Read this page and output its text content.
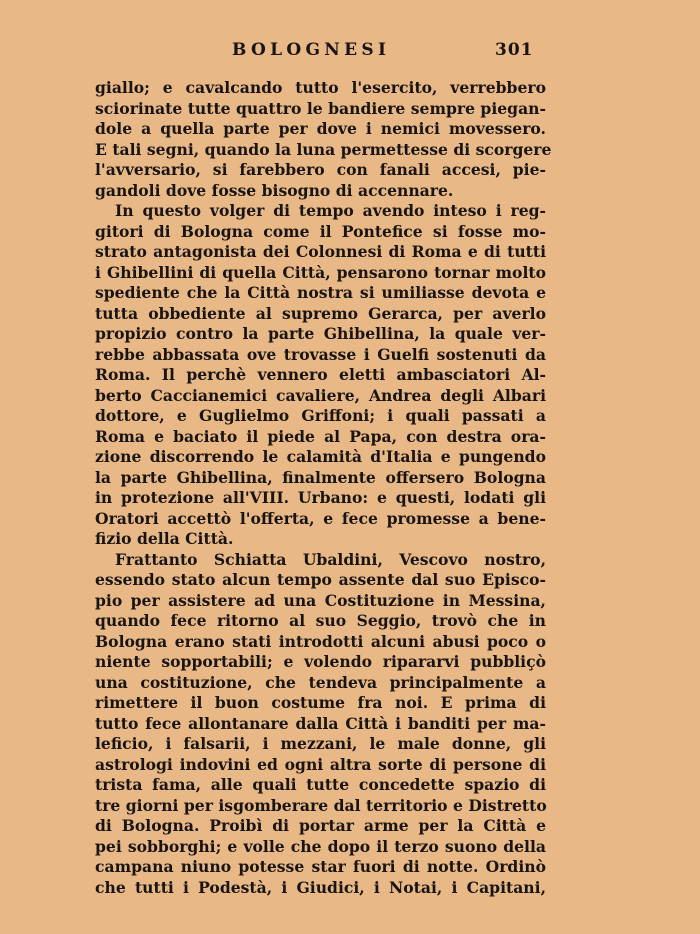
BOLOGNESI	301
giallo; e cavalcando tutto l'esercito, verrebbero
sciorinate tutte quattro le bandiere sempre piegan-
dole a quella parte per dove i nemici movessero.
E tali segni, quando la luna permettesse di scorgere
l'avversario, si farebbero con fanali accesi, pie-
gandoli dove fosse bisogno di accennare.
In questo volger di tempo avendo inteso i reg-
gitori di Bologna come il Pontefice si fosse mo-
strato antagonista dei Colonnesi di Roma e di tutti
i Ghibellini di quella Città, pensarono tornar molto
spediente che la Città nostra si umiliasse devota e
tutta obbediente al supremo Gerarca, per averlo
propizio contro la parte Ghibellina, la quale ver-
rebbe abbassata ove trovasse i Guelfi sostenuti da
Roma. Il perchè vennero eletti ambasciatori Al-
berto Caccianemici cavaliere, Andrea degli Albari
dottore, e Guglielmo Griffoni; i quali passati a
Roma e baciato il piede al Papa, con destra ora-
zione discorrendo le calamità d'Italia e pungendo
la parte Ghibellina, finalmente offersero Bologna
in protezione all'VIII. Urbano: e questi, lodati gli
Oratori accettò l'offerta, e fece promesse a bene-
fizio della Città.
Frattanto Schiatta Ubaldini, Vescovo nostro,
essendo stato alcun tempo assente dal suo Episco-
pio per assistere ad una Costituzione in Messina,
quando fece ritorno al suo Seggio, trovò che in
Bologna erano stati introdotti alcuni abusi poco o
niente sopportabili; e volendo ripararvi pubbliçò
una costituzione, che tendeva principalmente a
rimettere il buon costume fra noi. E prima di
tutto fece allontanare dalla Città i banditi per ma-
leficio, i falsarii, i mezzani, le male donne, gli
astrologi indovini ed ogni altra sorte di persone di
trista fama, alle quali tutte concedette spazio di
tre giorni per isgomberare dal territorio e Distretto
di Bologna. Proibì di portar arme per la Città e
pei sobborghi; e volle che dopo il terzo suono della
campana niuno potesse star fuori di notte. Ordinò
che tutti i Podestà, i Giudici, i Notai, i Capitani,
